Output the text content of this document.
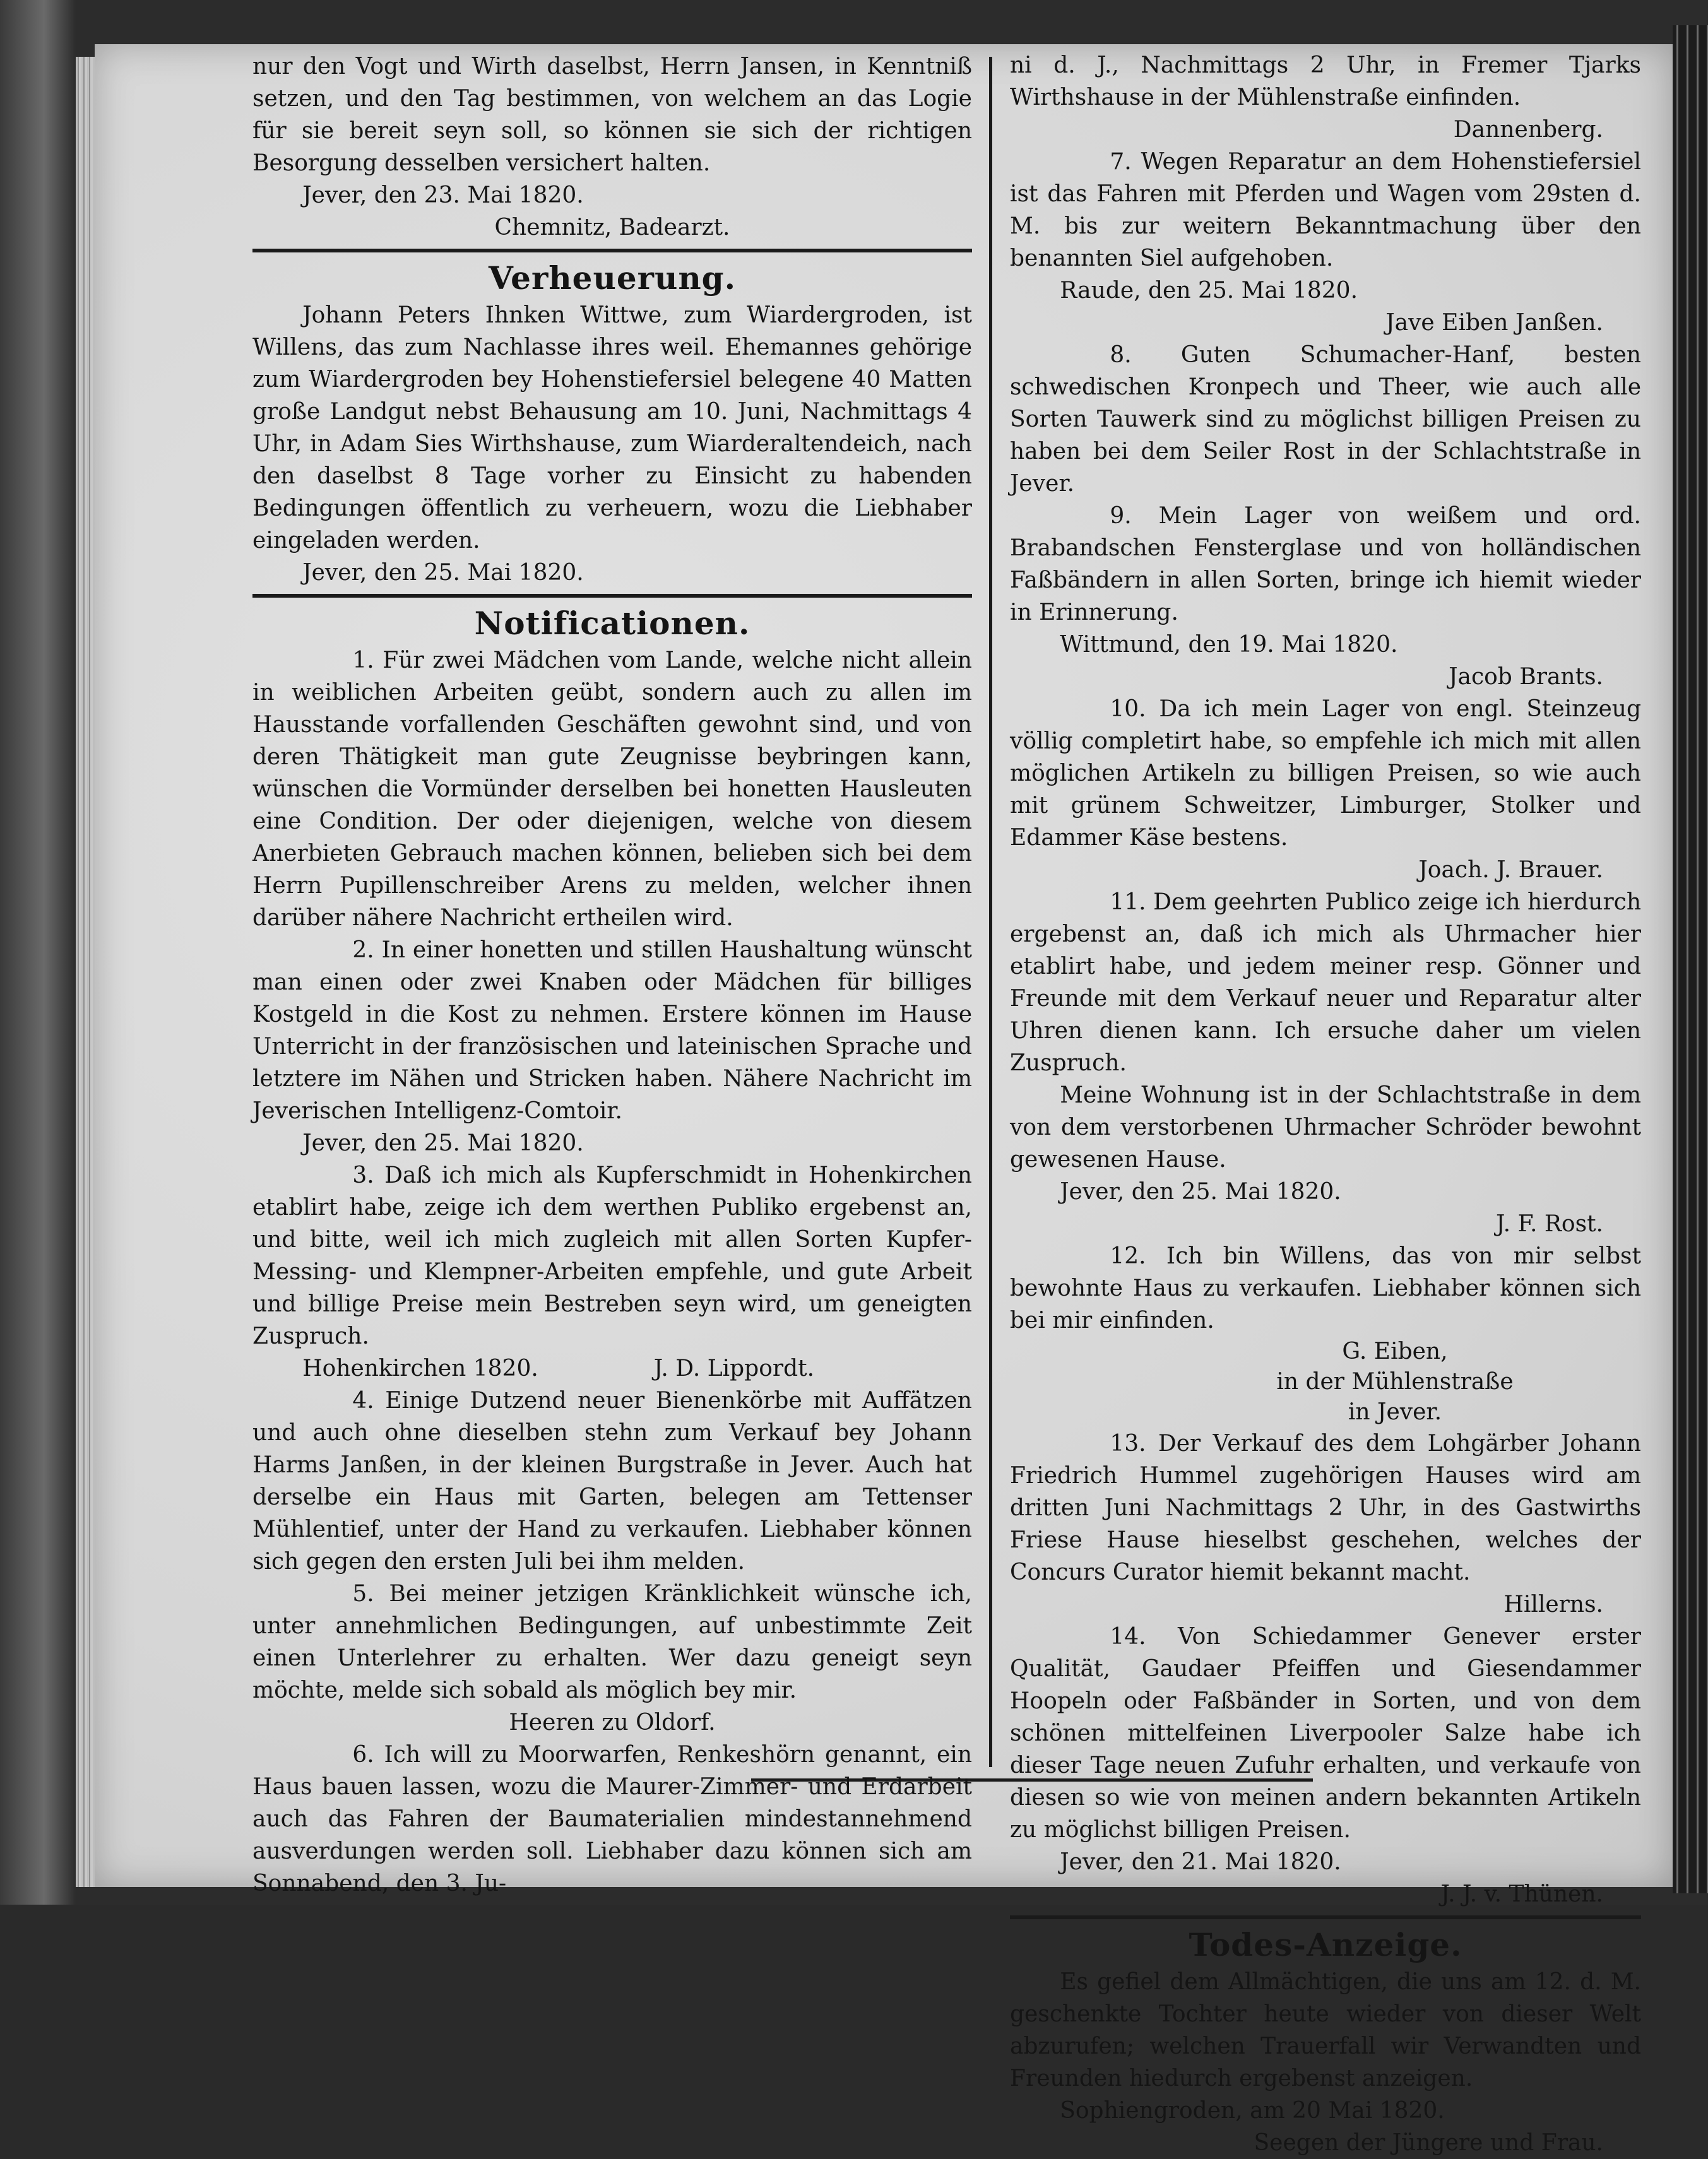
nur den Vogt und Wirth daselbst, Herrn Jansen, in Kenntniß setzen, und den Tag bestimmen, von welchem an das Logie für sie bereit seyn soll, so können sie sich der richtigen Besorgung desselben versichert halten.

Jever, den 23. Mai 1820.

Chemnitz, Badearzt.

Verheuerung.

Johann Peters Ihnken Wittwe, zum Wiardergroden, ist Willens, das zum Nachlasse ihres weil. Ehemannes gehörige zum Wiardergroden bey Hohenstiefersiel belegene 40 Matten große Landgut nebst Behausung am 10. Juni, Nachmittags 4 Uhr, in Adam Sies Wirthshause, zum Wiarderaltendeich, nach den daselbst 8 Tage vorher zu Einsicht zu habenden Bedingungen öffentlich zu verheuern, wozu die Liebhaber eingeladen werden.

Jever, den 25. Mai 1820.

Notificationen.

1. Für zwei Mädchen vom Lande, welche nicht allein in weiblichen Arbeiten geübt, sondern auch zu allen im Hausstande vorfallenden Geschäften gewohnt sind, und von deren Thätigkeit man gute Zeugnisse beybringen kann, wünschen die Vormünder derselben bei honetten Hausleuten eine Condition. Der oder diejenigen, welche von diesem Anerbieten Gebrauch machen können, belieben sich bei dem Herrn Pupillenschreiber Arens zu melden, welcher ihnen darüber nähere Nachricht ertheilen wird.

2. In einer honetten und stillen Haushaltung wünscht man einen oder zwei Knaben oder Mädchen für billiges Kostgeld in die Kost zu nehmen. Erstere können im Hause Unterricht in der französischen und lateinischen Sprache und letztere im Nähen und Stricken haben. Nähere Nachricht im Jeverischen Intelligenz-Comtoir.

Jever, den 25. Mai 1820.

3. Daß ich mich als Kupferschmidt in Hohenkirchen etablirt habe, zeige ich dem werthen Publiko ergebenst an, und bitte, weil ich mich zugleich mit allen Sorten Kupfer-Messing- und Klempner-Arbeiten empfehle, und gute Arbeit und billige Preise mein Bestreben seyn wird, um geneigten Zuspruch.

Hohenkirchen 1820.	J. D. Lippordt.

4. Einige Dutzend neuer Bienenkörbe mit Auffätzen und auch ohne dieselben stehn zum Verkauf bey Johann Harms Janßen, in der kleinen Burgstraße in Jever. Auch hat derselbe ein Haus mit Garten, belegen am Tettenser Mühlentief, unter der Hand zu verkaufen. Liebhaber können sich gegen den ersten Juli bei ihm melden.

5. Bei meiner jetzigen Kränklichkeit wünsche ich, unter annehmlichen Bedingungen, auf unbestimmte Zeit einen Unterlehrer zu erhalten. Wer dazu geneigt seyn möchte, melde sich sobald als möglich bey mir.

Heeren zu Oldorf.

6. Ich will zu Moorwarfen, Renkeshörn genannt, ein Haus bauen lassen, wozu die Maurer-Zimmer- und Erdarbeit auch das Fahren der Baumaterialien mindestannehmend ausverdungen werden soll. Liebhaber dazu können sich am Sonnabend, den 3. Ju-

ni d. J., Nachmittags 2 Uhr, in Fremer Tjarks Wirthshause in der Mühlenstraße einfinden.

Dannenberg.

7. Wegen Reparatur an dem Hohenstiefersiel ist das Fahren mit Pferden und Wagen vom 29sten d. M. bis zur weitern Bekanntmachung über den benannten Siel aufgehoben.

Raude, den 25. Mai 1820.

Jave Eiben Janßen.

8. Guten Schumacher-Hanf, besten schwedischen Kronpech und Theer, wie auch alle Sorten Tauwerk sind zu möglichst billigen Preisen zu haben bei dem Seiler Rost in der Schlachtstraße in Jever.

9. Mein Lager von weißem und ord. Brabandschen Fensterglase und von holländischen Faßbändern in allen Sorten, bringe ich hiemit wieder in Erinnerung.

Wittmund, den 19. Mai 1820.

Jacob Brants.

10. Da ich mein Lager von engl. Steinzeug völlig completirt habe, so empfehle ich mich mit allen möglichen Artikeln zu billigen Preisen, so wie auch mit grünem Schweitzer, Limburger, Stolker und Edammer Käse bestens.

Joach. J. Brauer.

11. Dem geehrten Publico zeige ich hierdurch ergebenst an, daß ich mich als Uhrmacher hier etablirt habe, und jedem meiner resp. Gönner und Freunde mit dem Verkauf neuer und Reparatur alter Uhren dienen kann. Ich ersuche daher um vielen Zuspruch.

Meine Wohnung ist in der Schlachtstraße in dem von dem verstorbenen Uhrmacher Schröder bewohnt gewesenen Hause.

Jever, den 25. Mai 1820.

J. F. Rost.

12. Ich bin Willens, das von mir selbst bewohnte Haus zu verkaufen. Liebhaber können sich bei mir einfinden.

G. Eiben,

in der Mühlenstraße

in Jever.

13. Der Verkauf des dem Lohgärber Johann Friedrich Hummel zugehörigen Hauses wird am dritten Juni Nachmittags 2 Uhr, in des Gastwirths Friese Hause hieselbst geschehen, welches der Concurs Curator hiemit bekannt macht.

Hillerns.

14. Von Schiedammer Genever erster Qualität, Gaudaer Pfeiffen und Giesendammer Hoopeln oder Faßbänder in Sorten, und von dem schönen mittelfeinen Liverpooler Salze habe ich dieser Tage neuen Zufuhr erhalten, und verkaufe von diesen so wie von meinen andern bekannten Artikeln zu möglichst billigen Preisen.

Jever, den 21. Mai 1820.

J. J. v. Thünen.

Todes-Anzeige.

Es gefiel dem Allmächtigen, die uns am 12. d. M. geschenkte Tochter heute wieder von dieser Welt abzurufen; welchen Trauerfall wir Verwandten und Freunden hiedurch ergebenst anzeigen.

Sophiengroden, am 20 Mai 1820.

Seegen der Jüngere und Frau.
